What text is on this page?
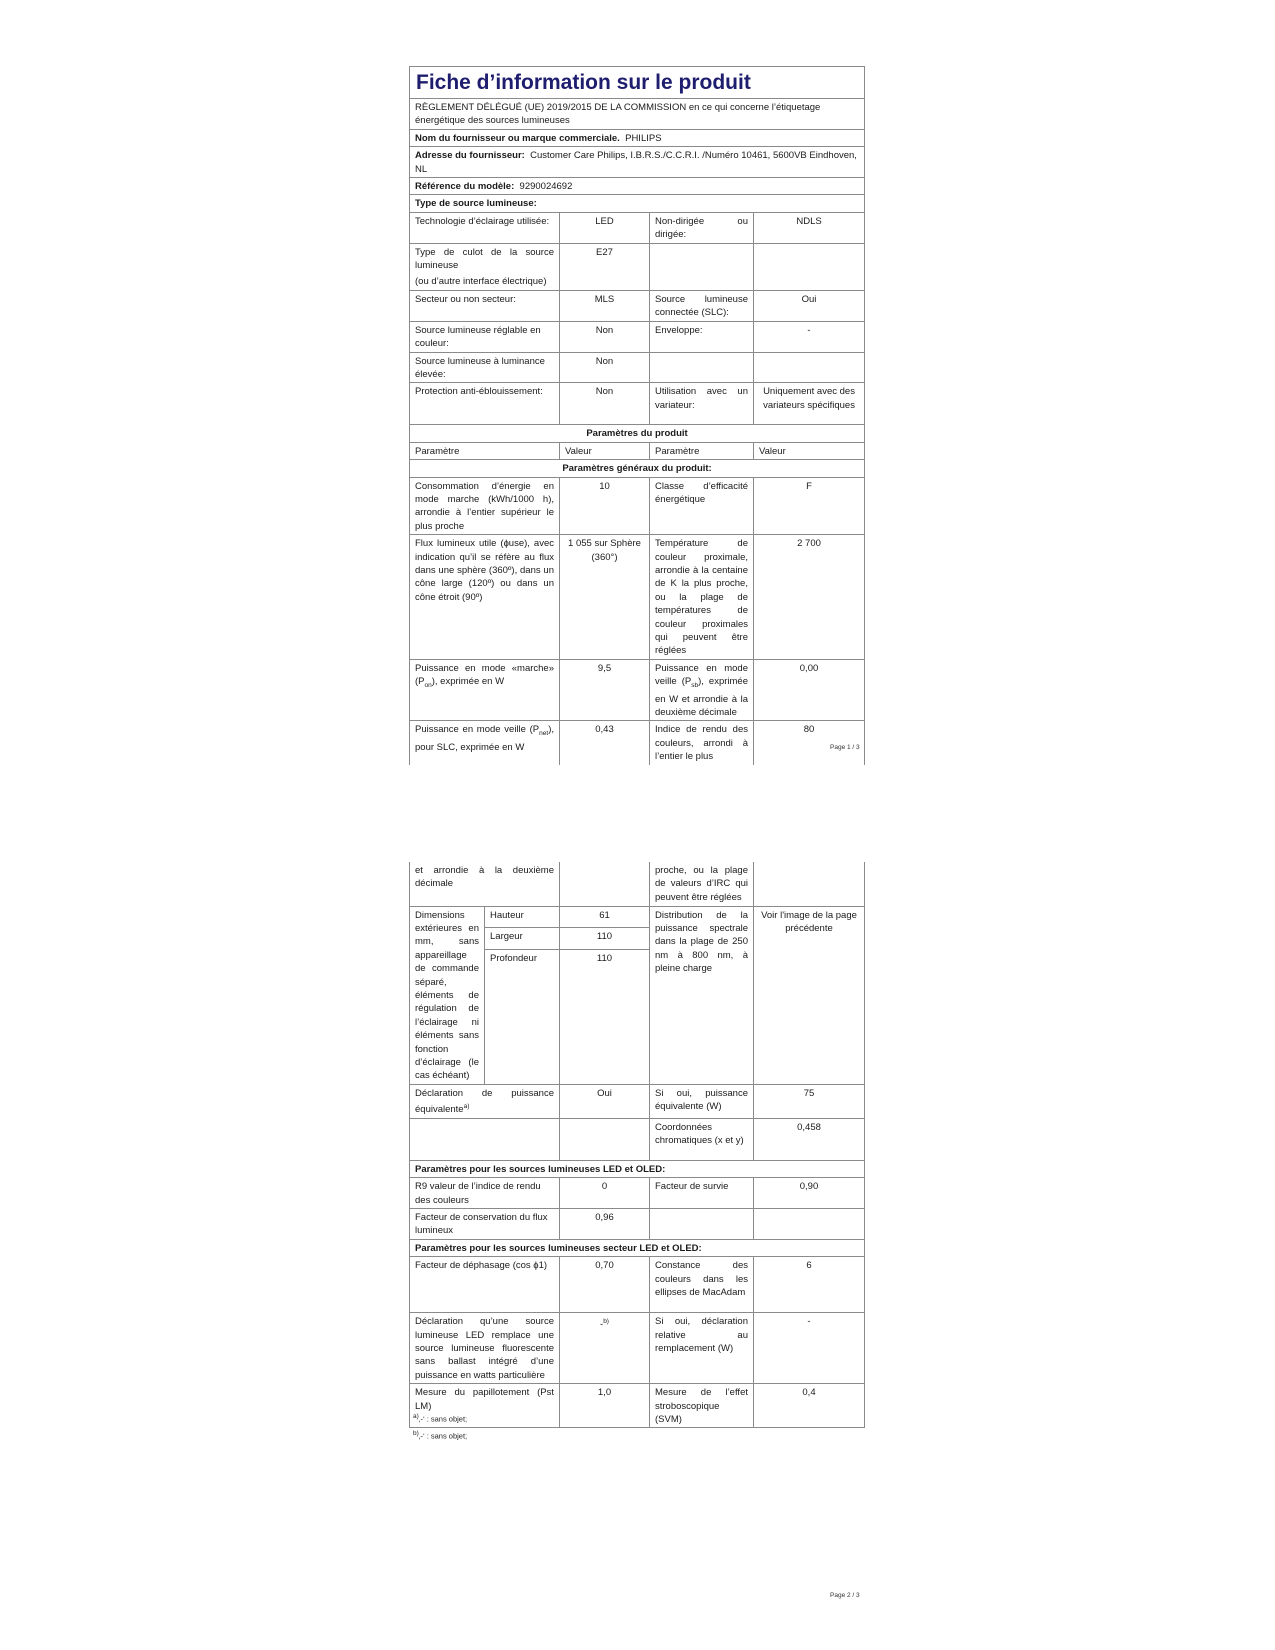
Fiche d’information sur le produit			
RÈGLEMENT DÉLÉGUÉ (UE) 2019/2015 DE LA COMMISSION en ce qui concerne l’étiquetage énergétique des sources lumineuses			
Nom du fournisseur ou marque commerciale. PHILIPS			
Adresse du fournisseur: Customer Care Philips, I.B.R.S./C.C.R.I. /Numéro 10461, 5600VB Eindhoven, NL			
Référence du modèle: 9290024692			
Type de source lumineuse:			
Technologie d’éclairage utilisée:	LED	Non-dirigée ou dirigée:	NDLS

Type de culot de la source lumineuse
(ou d’autre interface électrique)	E27		
Secteur ou non secteur:	MLS	Source lumineuse connectée (SLC):	Oui
Source lumineuse réglable en couleur:	Non	Enveloppe:	-
Source lumineuse à luminance élevée:	Non		
Protection anti-éblouissement:	Non	Utilisation avec un variateur:	Uniquement avec des variateurs spécifiques
Paramètres du produit			
Paramètre	Valeur	Paramètre	Valeur
Paramètres généraux du produit:			
Consommation d’énergie en mode marche (kWh/1000 h), arrondie à l’entier supérieur le plus proche	10	Classe d’efficacité énergétique	F
Flux lumineux utile (ɸuse), avec indication qu’il se réfère au flux dans une sphère (360º), dans un cône large (120º) ou dans un cône étroit (90º)	1 055 sur Sphère (360°)	Température de couleur proximale, arrondie à la centaine de K la plus proche, ou la plage de températures de couleur proximales qui peuvent être réglées	2 700
Puissance en mode «marche» $(P_{on})$, exprimée en W	9,5	Puissance en mode veille $(P_{sb})$, exprimée en W et arrondie à la deuxième décimale	0,00
Puissance en mode veille $(P_{net})$, pour SLC, exprimée en W	0,43	Indice de rendu des couleurs, arrondi à l’entier le plus	80
Page 1 / 3
et arrondie à la deuxième décimale			proche, ou la plage de valeurs d’IRC qui peuvent être réglées	
Dimensions extérieures en mm, sans appareillage de commande séparé, éléments de régulation de l’éclairage ni éléments sans fonction d’éclairage (le cas échéant)	Hauteur	61	Distribution de la puissance spectrale dans la plage de 250 nm à 800 nm, à pleine charge	Voir l'image de la page précédente
	Largeur	110		
	Profondeur	110		
Déclaration de puissance équivalente$^{a)}$		Oui	Si oui, puissance équivalente (W)	75
			Coordonnées chromatiques (x et y)	0,458
Paramètres pour les sources lumineuses LED et OLED:				
R9 valeur de l’indice de rendu des couleurs		0	Facteur de survie	0,90
Facteur de conservation du flux lumineux		0,96		
Paramètres pour les sources lumineuses secteur LED et OLED:				
Facteur de déphasage (cos ϕ1)		0,70	Constance des couleurs dans les ellipses de MacAdam	6
Déclaration qu’une source lumineuse LED remplace une source lumineuse fluorescente sans ballast intégré d’une puissance en watts particulière		-$^{b)}$	Si oui, déclaration relative au remplacement (W)	-
Mesure du papillotement (Pst LM)		1,0	Mesure de l’effet stroboscopique (SVM)	0,4
$^{a)}$‚-‘ : sans objet;
$^{b)}$‚-‘ : sans objet;
Page 2 / 3
